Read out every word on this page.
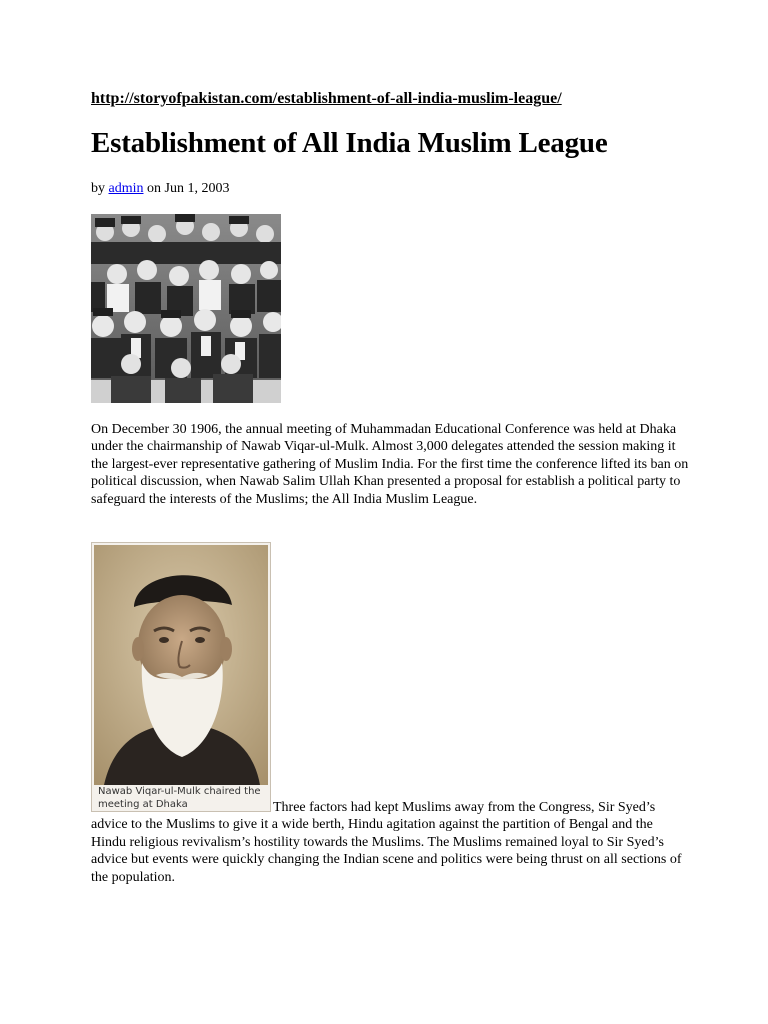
http://storyofpakistan.com/establishment-of-all-india-muslim-league/
Establishment of All India Muslim League
by admin on Jun 1, 2003

On December 30 1906, the annual meeting of Muhammadan Educational Conference was held at Dhaka under the chairmanship of Nawab Viqar-ul-Mulk. Almost 3,000 delegates attended the session making it the largest-ever representative gathering of Muslim India. For the first time the conference lifted its ban on political discussion, when Nawab Salim Ullah Khan presented a proposal for establish a political party to safeguard the interests of the Muslims; the All India Muslim League.

Nawab Viqar-ul-Mulk chaired the meeting at Dhaka	Three factors had kept Muslims away from the Congress, Sir Syed’s advice to the Muslims to give it a wide berth, Hindu agitation against the partition of Bengal and the Hindu religious revivalism’s hostility towards the Muslims. The Muslims remained loyal to Sir Syed’s advice but events were quickly changing the Indian scene and politics were being thrust on all sections of the population.
